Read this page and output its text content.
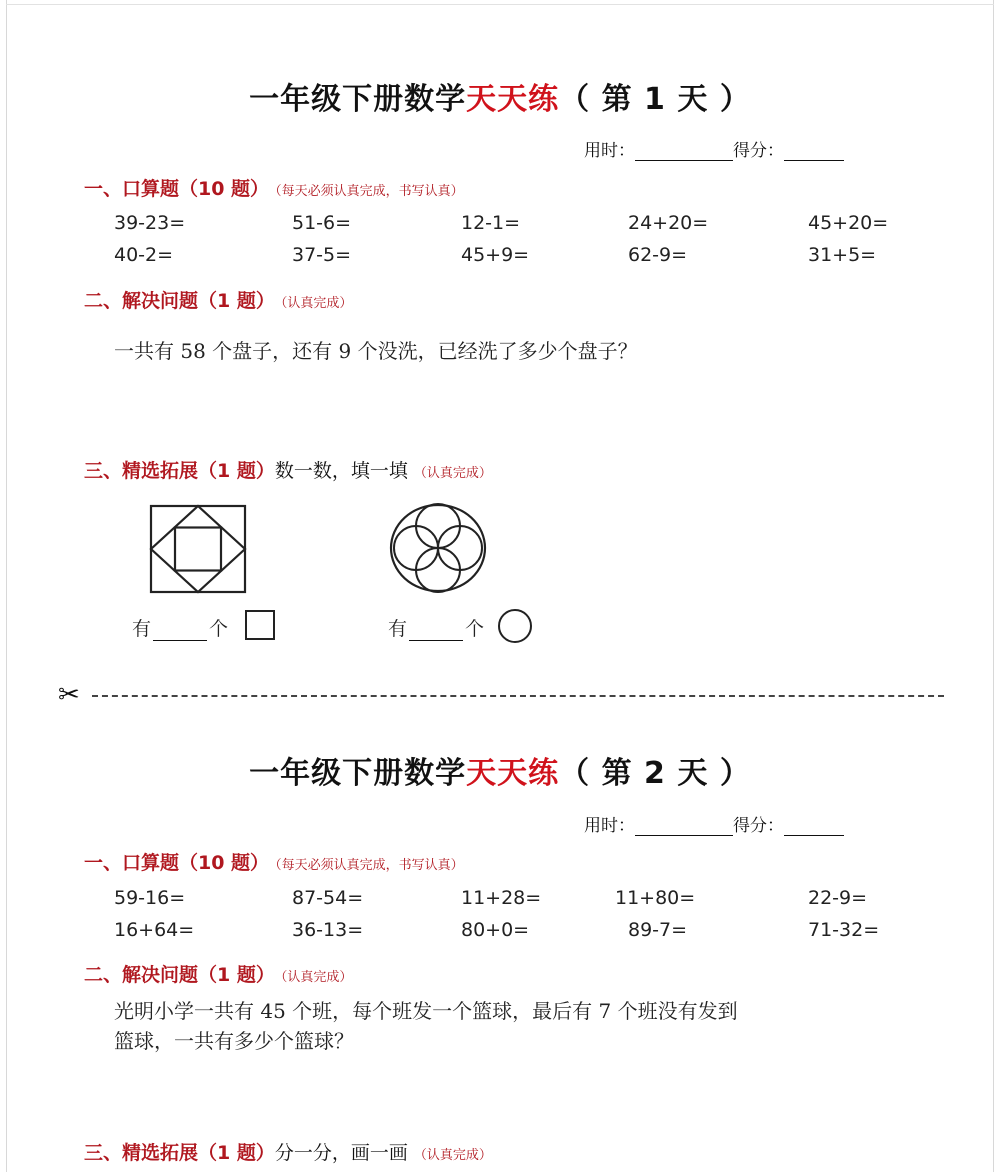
一年级下册数学天天练（ 第 1 天 ）
用时：	得分：
一、口算题（10 题） （每天必须认真完成，书写认真）
39-23=	51-6=	12-1=	24+20=	45+20=
40-2=	37-5=	45+9=	62-9=	31+5=
二、解决问题（1 题） （认真完成）
一共有 58 个盘子，还有 9 个没洗，已经洗了多少个盘子？
三、精选拓展（1 题）数一数，填一填 （认真完成）
有	个	有	个
✂
一年级下册数学天天练（ 第 2 天 ）
用时：	得分：
一、口算题（10 题） （每天必须认真完成，书写认真）
59-16=	87-54=	11+28=	11+80=	22-9=
16+64=	36-13=	80+0=	89-7=	71-32=
二、解决问题（1 题） （认真完成）
光明小学一共有 45 个班，每个班发一个篮球，最后有 7 个班没有发到
篮球，一共有多少个篮球？
三、精选拓展（1 题）分一分，画一画 （认真完成）
